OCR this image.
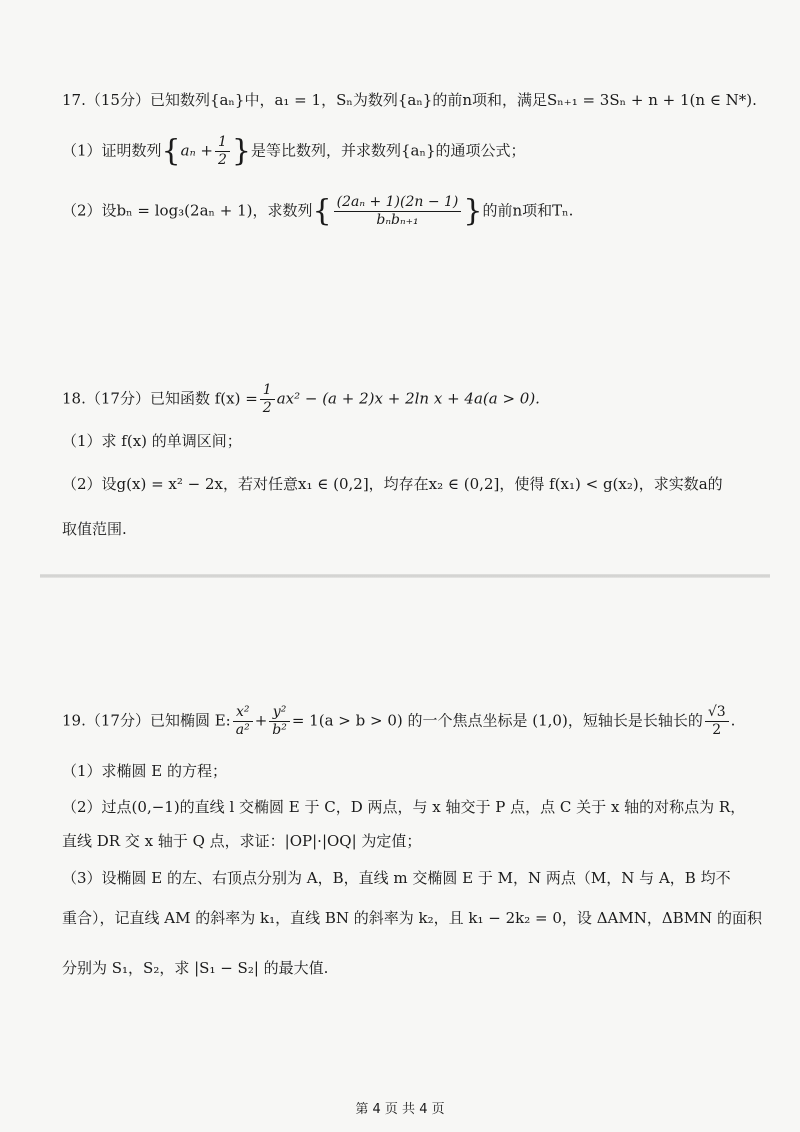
17.（15分）已知数列{aₙ}中，a₁ = 1，Sₙ为数列{aₙ}的前n项和，满足Sₙ₊₁ = 3Sₙ + n + 1(n ∈ N*).
（1）证明数列{$a_n + \frac{1}{2}$ }是等比数列，并求数列{aₙ}的通项公式；
（2）设bₙ = log₃(2aₙ + 1)，求数列{ $\frac{\text{(2aₙ + 1)(2n − 1)}}{\text{bₙbₙ₊₁}}$ }的前n项和Tₙ.
18.（17分）已知函数 $f(x) = \frac{1}{2} ax^2 - (a + 2)x + 2\ln$ x + 4a(a > 0).
（1）求 f(x) 的单调区间；
（2）设g(x) = x² − 2x，若对任意x₁ ∈ (0,2]，均存在x₂ ∈ (0,2]，使得 f(x₁) < g(x₂)，求实数a的
取值范围.
19.（17分）已知椭圆 E: $\frac{\text{x²}}{\text{a²}} + \frac{\text{y²}}{\text{b²}} = 1(a > b > 0)$ 的一个焦点坐标是 (1,0)，短轴长是长轴长的 $\frac{√3}{2}$ .
（1）求椭圆 E 的方程；
（2）过点(0,−1)的直线 l 交椭圆 E 于 C，D 两点，与 x 轴交于 P 点，点 C 关于 x 轴的对称点为 R，
直线 DR 交 x 轴于 Q 点，求证：|OP|·|OQ| 为定值；
（3）设椭圆 E 的左、右顶点分别为 A，B，直线 m 交椭圆 E 于 M，N 两点（M，N 与 A，B 均不
重合），记直线 AM 的斜率为 k₁，直线 BN 的斜率为 k₂，且 k₁ − 2k₂ = 0，设 ΔAMN，ΔBMN 的面积
分别为 S₁，S₂，求 |S₁ − S₂| 的最大值.
第 4 页 共 4 页
